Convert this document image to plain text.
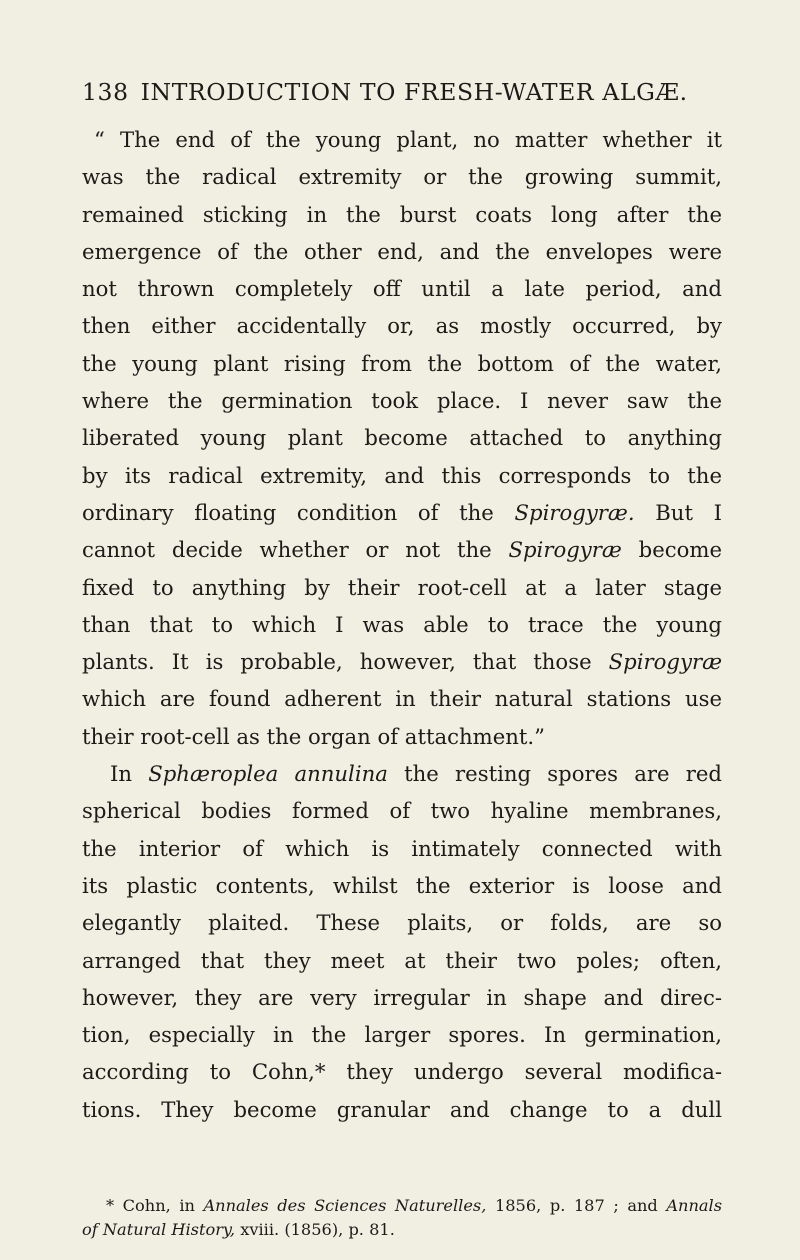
138 INTRODUCTION TO FRESH-WATER ALGÆ.
“ The end of the young plant, no matter whether it
was the radical extremity or the growing summit,
remained sticking in the burst coats long after the
emergence of the other end, and the envelopes were
not thrown completely off until a late period, and
then either accidentally or, as mostly occurred, by
the young plant rising from the bottom of the water,
where the germination took place. I never saw the
liberated young plant become attached to anything
by its radical extremity, and this corresponds to the
ordinary floating condition of the Spirogyræ. But I
cannot decide whether or not the Spirogyræ become
fixed to anything by their root-cell at a later stage
than that to which I was able to trace the young
plants. It is probable, however, that those Spirogyræ
which are found adherent in their natural stations use
their root-cell as the organ of attachment.”
In Sphæroplea annulina the resting spores are red
spherical bodies formed of two hyaline membranes,
the interior of which is intimately connected with
its plastic contents, whilst the exterior is loose and
elegantly plaited. These plaits, or folds, are so
arranged that they meet at their two poles; often,
however, they are very irregular in shape and direc-
tion, especially in the larger spores. In germination,
according to Cohn,* they undergo several modifica-
tions. They become granular and change to a dull
* Cohn, in Annales des Sciences Naturelles, 1856, p. 187 ; and Annals
of Natural History, xviii. (1856), p. 81.
